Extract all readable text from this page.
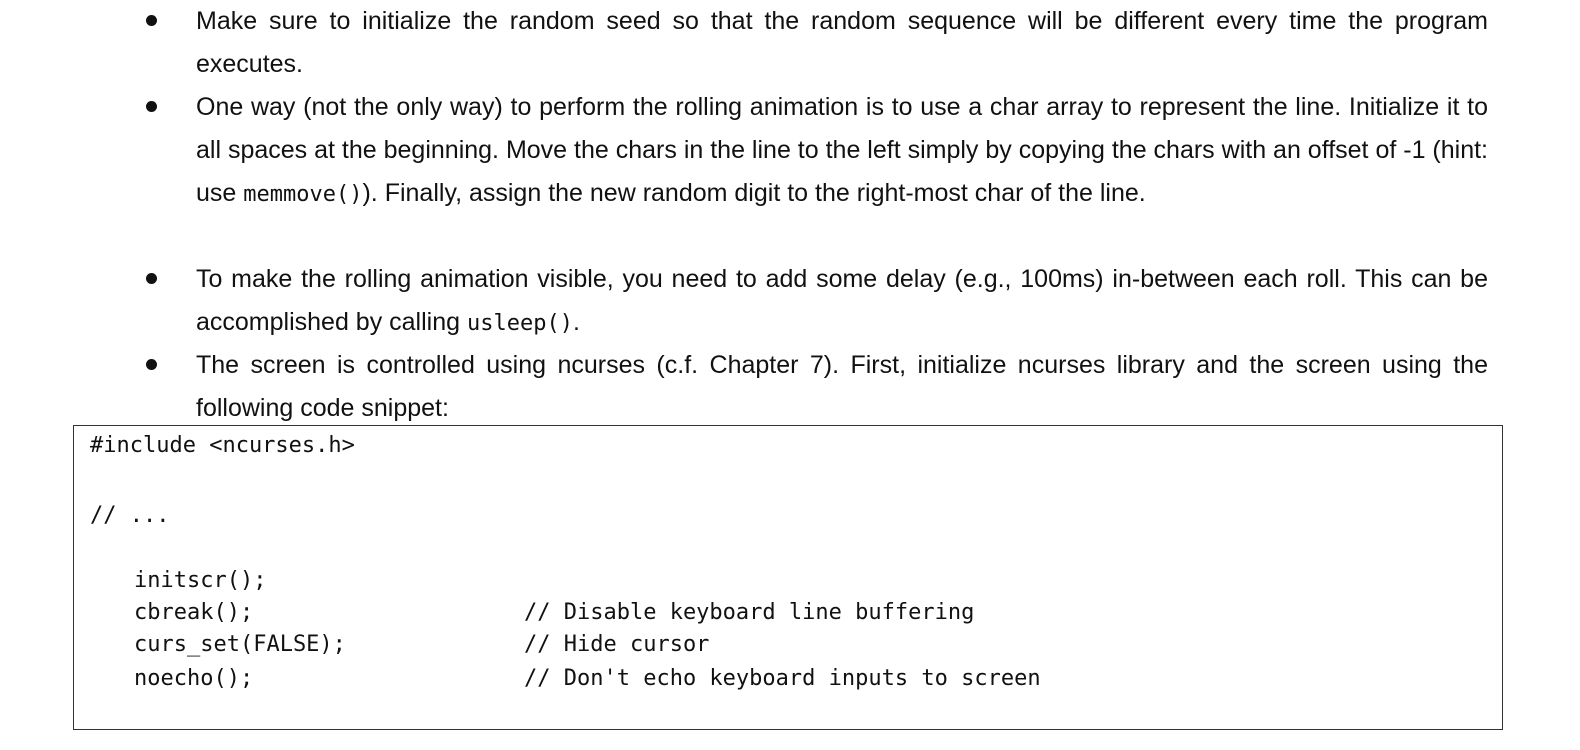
Make sure to initialize the random seed so that the random sequence will be different every time the program executes.
One way (not the only way) to perform the rolling animation is to use a char array to represent the line. Initialize it to all spaces at the beginning. Move the chars in the line to the left simply by copying the chars with an offset of -1 (hint: use memmove()). Finally, assign the new random digit to the right-most char of the line.
To make the rolling animation visible, you need to add some delay (e.g., 100ms) in-between each roll. This can be accomplished by calling usleep().
The screen is controlled using ncurses (c.f. Chapter 7). First, initialize ncurses library and the screen using the following code snippet:
#include <ncurses.h>
// ...
initscr();
cbreak();	// Disable keyboard line buffering
curs_set(FALSE);	// Hide cursor
noecho();	// Don't echo keyboard inputs to screen
